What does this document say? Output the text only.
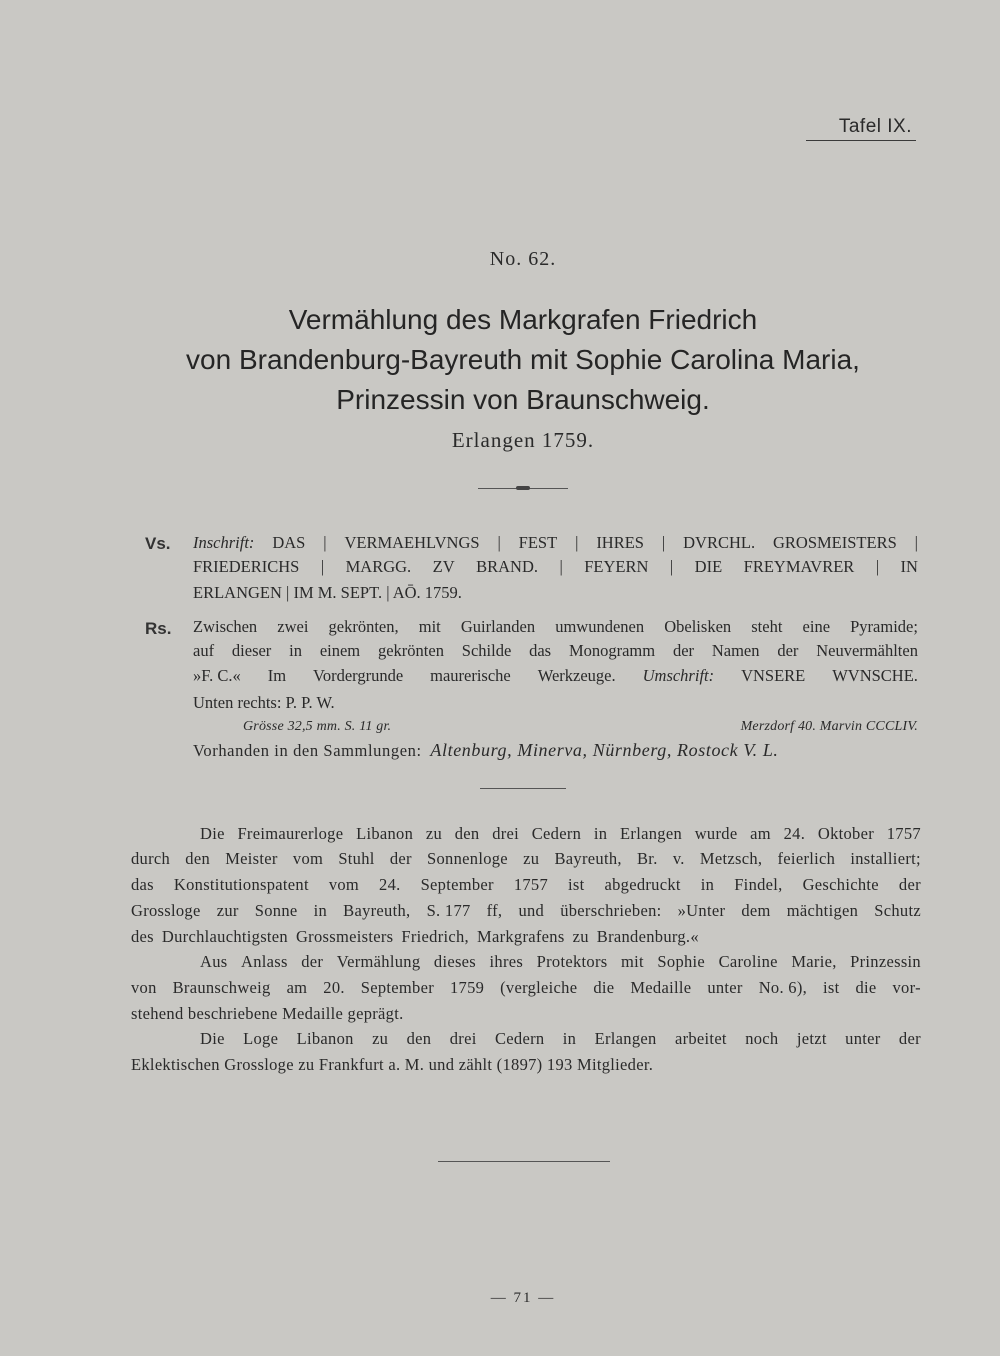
Tafel IX.
No. 62.
Vermählung des Markgrafen Friedrich
von Brandenburg-Bayreuth mit Sophie Carolina Maria,
Prinzessin von Braunschweig.
Erlangen 1759.
Vs. Inschrift: DAS | VERMAEHLVNGS | FEST | IHRES | DVRCHL. GROSMEISTERS |
FRIEDERICHS | MARGG. ZV BRAND. | FEYERN | DIE FREYMAVRER | IN
ERLANGEN | IM M. SEPT. | AŌ. 1759.
Rs. Zwischen zwei gekrönten, mit Guirlanden umwundenen Obelisken steht eine Pyramide;
auf dieser in einem gekrönten Schilde das Monogramm der Namen der Neuvermählten
»F. C.« Im Vordergrunde maurerische Werkzeuge. Umschrift: VNSERE WVNSCHE.
Unten rechts: P. P. W.
Grösse 32,5 mm. S. 11 gr.	Merzdorf 40. Marvin CCCLIV.
Vorhanden in den Sammlungen: Altenburg, Minerva, Nürnberg, Rostock V. L.
Die Freimaurerloge Libanon zu den drei Cedern in Erlangen wurde am 24. Oktober 1757
durch den Meister vom Stuhl der Sonnenloge zu Bayreuth, Br. v. Metzsch, feierlich installiert;
das Konstitutionspatent vom 24. September 1757 ist abgedruckt in Findel, Geschichte der
Grossloge zur Sonne in Bayreuth, S. 177 ff, und überschrieben: »Unter dem mächtigen Schutz
des Durchlauchtigsten Grossmeisters Friedrich, Markgrafens zu Brandenburg.«
Aus Anlass der Vermählung dieses ihres Protektors mit Sophie Caroline Marie, Prinzessin
von Braunschweig am 20. September 1759 (vergleiche die Medaille unter No. 6), ist die vor-
stehend beschriebene Medaille geprägt.
Die Loge Libanon zu den drei Cedern in Erlangen arbeitet noch jetzt unter der
Eklektischen Grossloge zu Frankfurt a. M. und zählt (1897) 193 Mitglieder.
— 71 —
